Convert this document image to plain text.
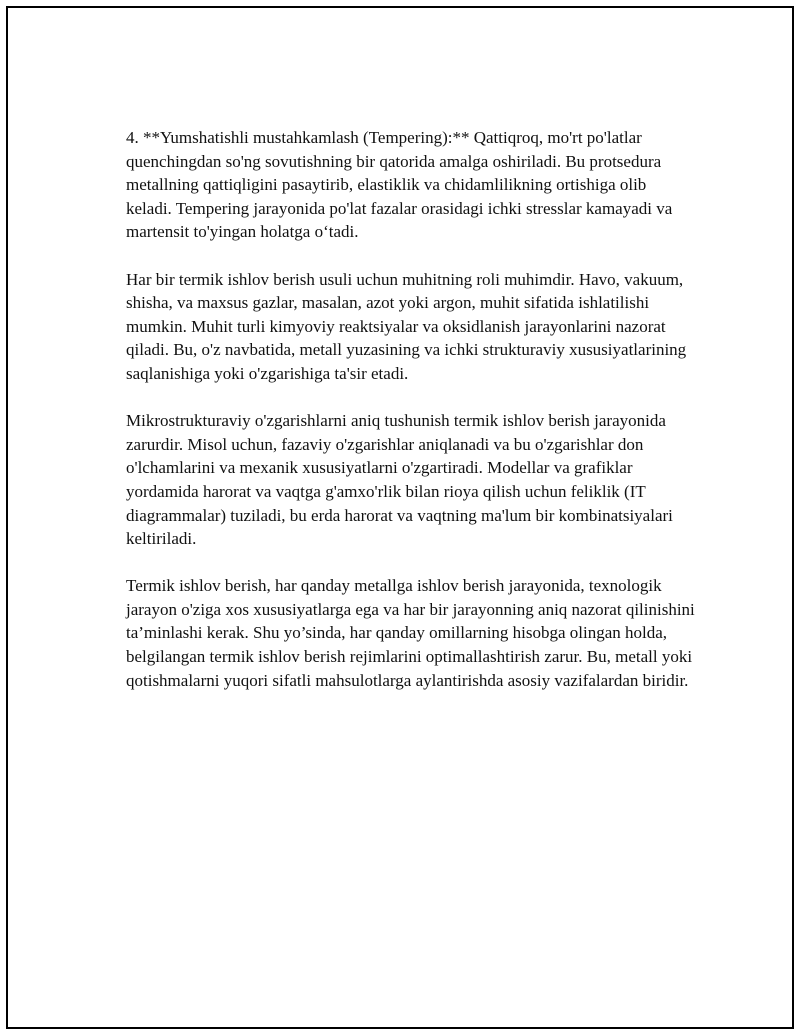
4. **Yumshatishli mustahkamlash (Tempering):** Qattiqroq, mo'rt po'latlar quenchingdan so'ng sovutishning bir qatorida amalga oshiriladi. Bu protsedura metallning qattiqligini pasaytirib, elastiklik va chidamlilikning ortishiga olib keladi. Tempering jarayonida po'lat fazalar orasidagi ichki stresslar kamayadi va martensit to'yingan holatga o‘tadi.

Har bir termik ishlov berish usuli uchun muhitning roli muhimdir. Havo, vakuum, shisha, va maxsus gazlar, masalan, azot yoki argon, muhit sifatida ishlatilishi mumkin. Muhit turli kimyoviy reaktsiyalar va oksidlanish jarayonlarini nazorat qiladi. Bu, o'z navbatida, metall yuzasining va ichki strukturaviy xususiyatlarining saqlanishiga yoki o'zgarishiga ta'sir etadi.

Mikrostrukturaviy o'zgarishlarni aniq tushunish termik ishlov berish jarayonida zarurdir. Misol uchun, fazaviy o'zgarishlar aniqlanadi va bu o'zgarishlar don o'lchamlarini va mexanik xususiyatlarni o'zgartiradi. Modellar va grafiklar yordamida harorat va vaqtga g'amxo'rlik bilan rioya qilish uchun feliklik (IT diagrammalar) tuziladi, bu erda harorat va vaqtning ma'lum bir kombinatsiyalari keltiriladi.

Termik ishlov berish, har qanday metallga ishlov berish jarayonida, texnologik jarayon o'ziga xos xususiyatlarga ega va har bir jarayonning aniq nazorat qilinishini ta’minlashi kerak. Shu yo’sinda, har qanday omillarning hisobga olingan holda, belgilangan termik ishlov berish rejimlarini optimallashtirish zarur. Bu, metall yoki qotishmalarni yuqori sifatli mahsulotlarga aylantirishda asosiy vazifalardan biridir.
